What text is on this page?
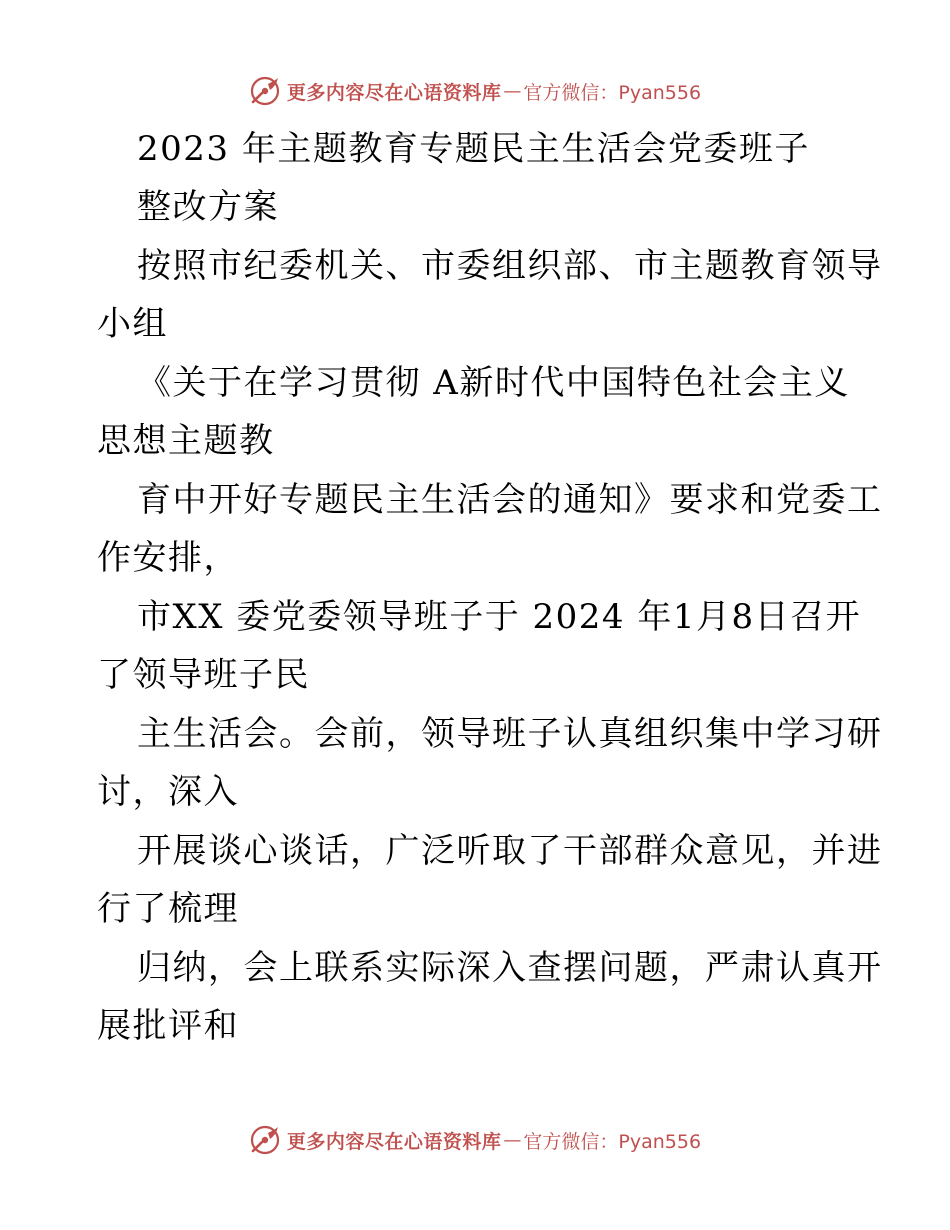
更多内容尽在心语资料库 — 官方微信：Pyan556
2023 年主题教育专题民主生活会党委班子
整改方案
按照市纪委机关、市委组织部、市主题教育领导
小组
《关于在学习贯彻 A新时代中国特色社会主义
思想主题教
育中开好专题民主生活会的通知》要求和党委工
作安排，
市XX 委党委领导班子于 2024 年1月8日召开
了领导班子民
主生活会。会前，领导班子认真组织集中学习研
讨，深入
开展谈心谈话，广泛听取了干部群众意见，并进
行了梳理
归纳，会上联系实际深入查摆问题，严肃认真开
展批评和
更多内容尽在心语资料库 — 官方微信：Pyan556
